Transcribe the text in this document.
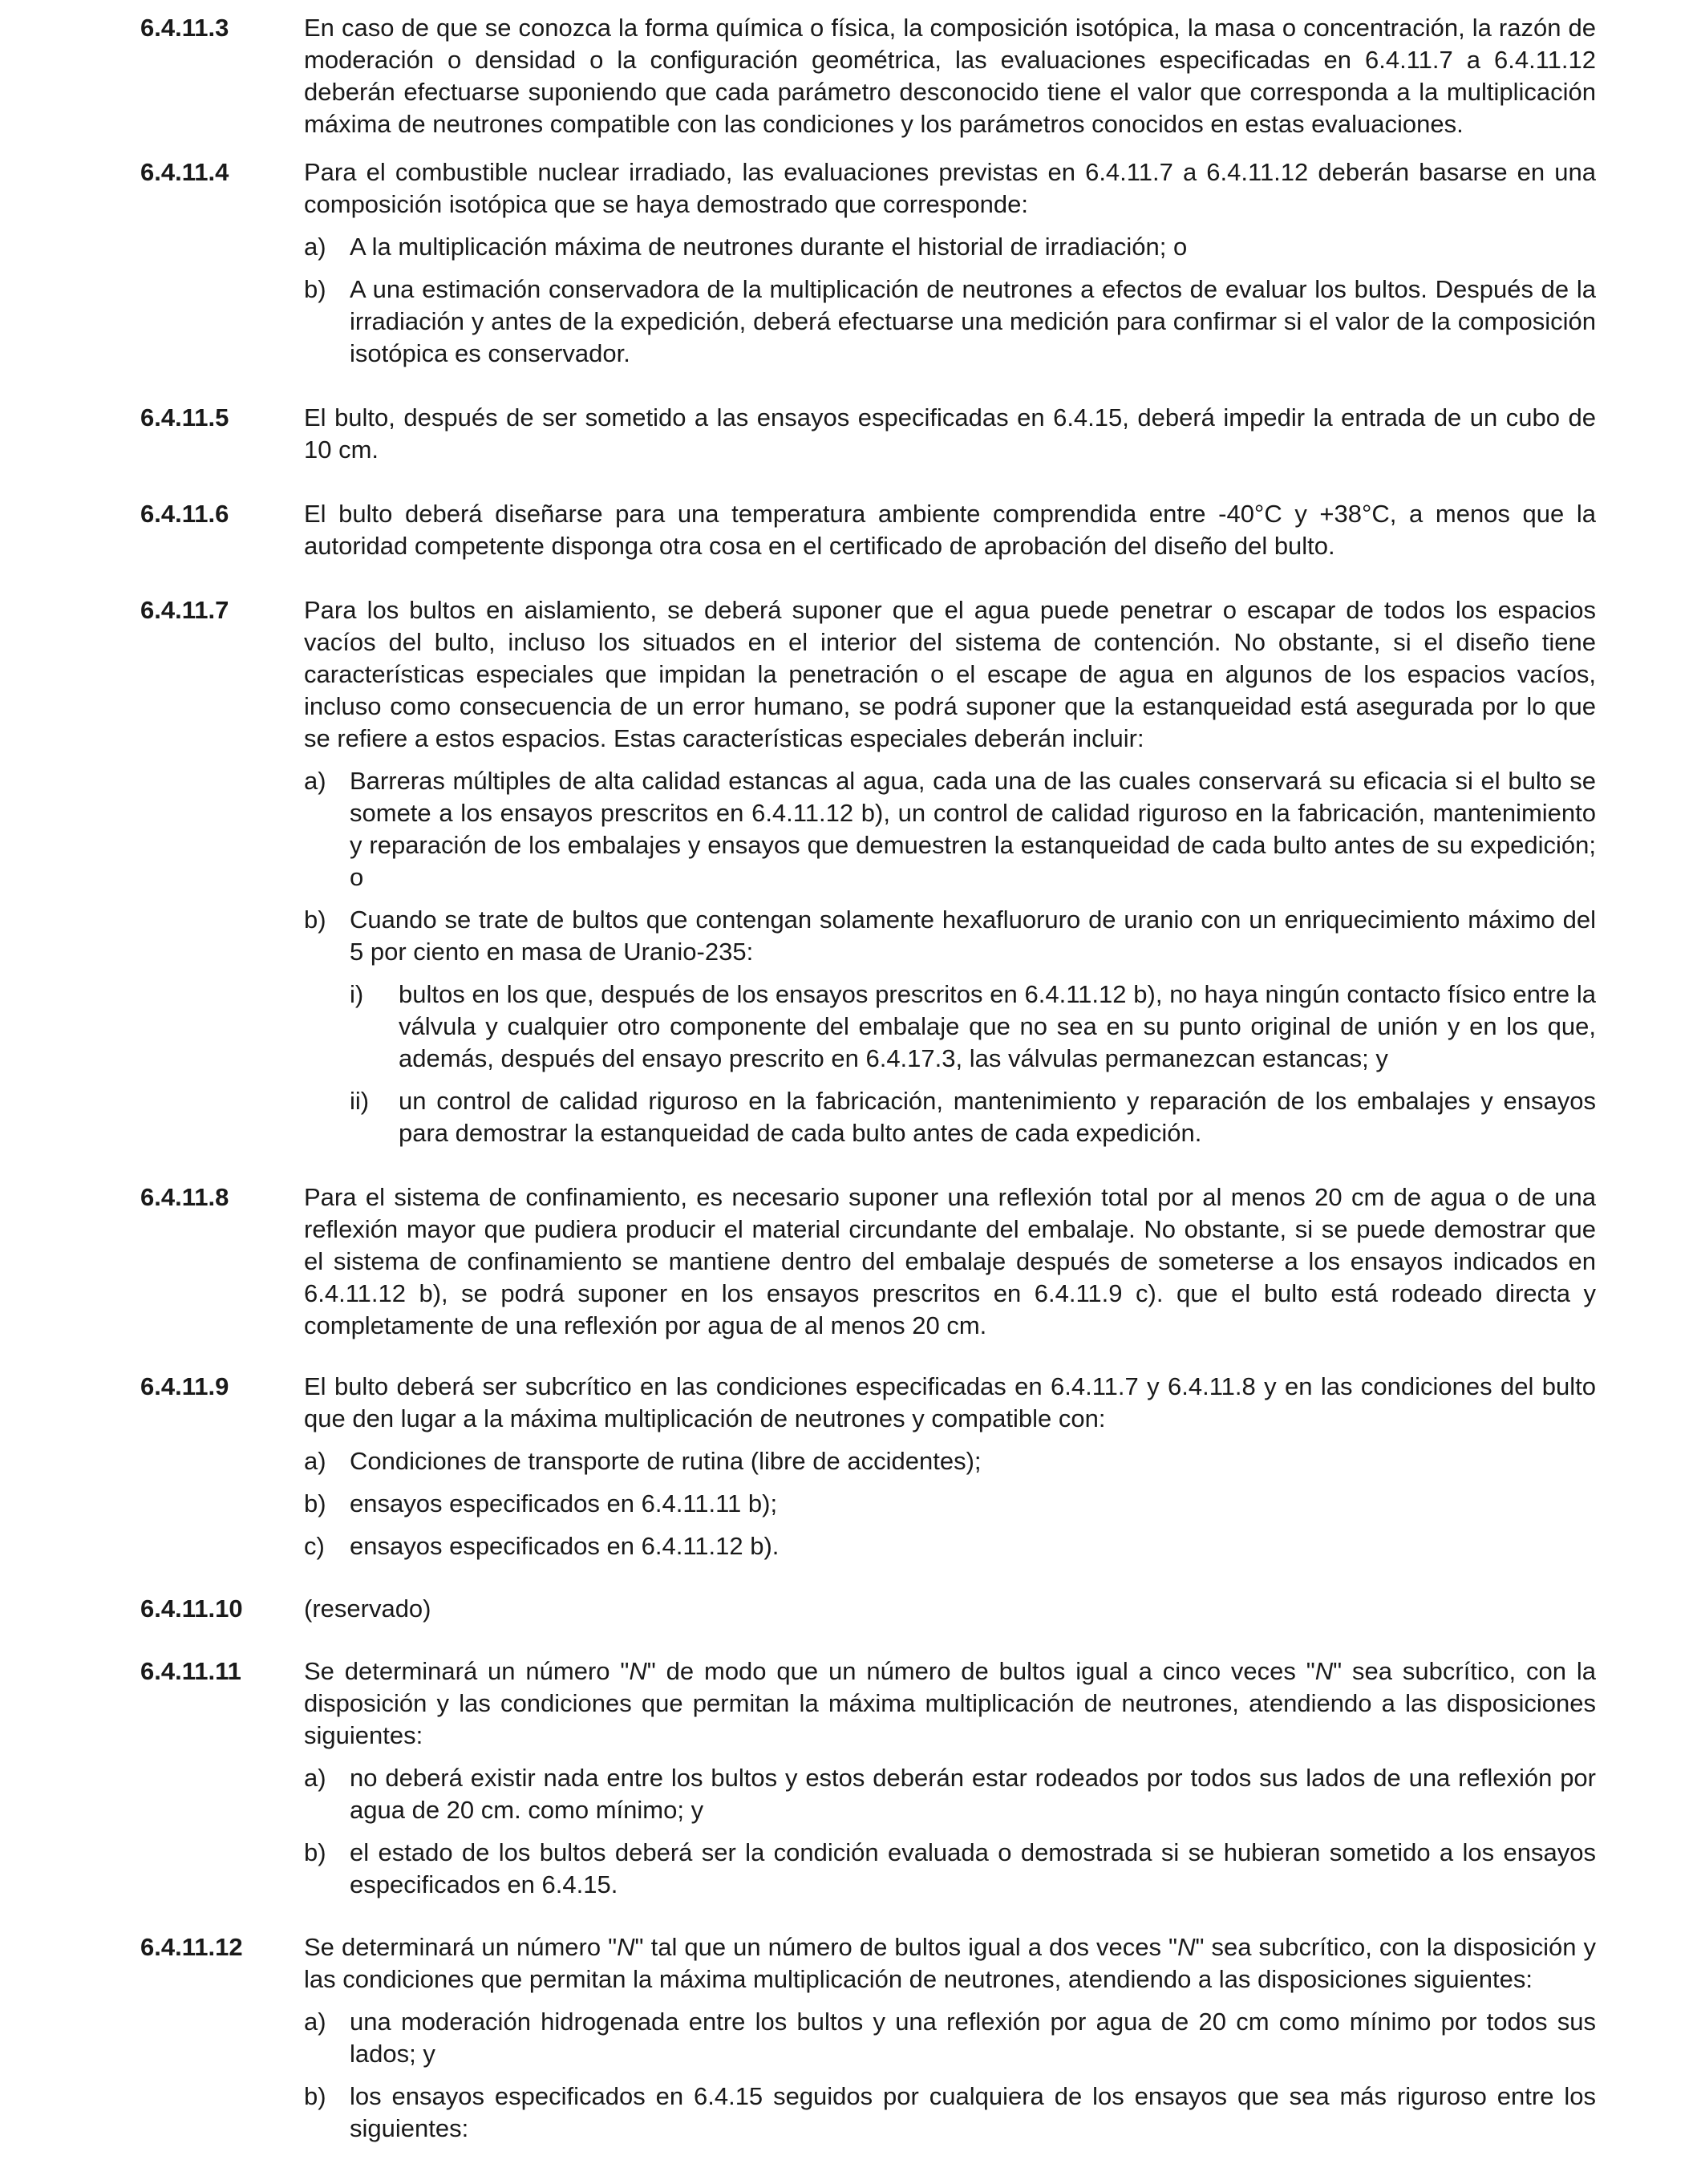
6.4.11.3	En caso de que se conozca la forma química o física, la composición isotópica, la masa o concentración, la razón de moderación o densidad o la configuración geométrica, las evaluaciones especificadas en 6.4.11.7 a 6.4.11.12 deberán efectuarse suponiendo que cada parámetro desconocido tiene el valor que corresponda a la multiplicación máxima de neutrones compatible con las condiciones y los parámetros conocidos en estas evaluaciones.

6.4.11.4	Para el combustible nuclear irradiado, las evaluaciones previstas en 6.4.11.7 a 6.4.11.12 deberán basarse en una composición isotópica que se haya demostrado que corresponde:

a) A la multiplicación máxima de neutrones durante el historial de irradiación; o
b) A una estimación conservadora de la multiplicación de neutrones a efectos de evaluar los bultos. Después de la irradiación y antes de la expedición, deberá efectuarse una medición para confirmar si el valor de la composición isotópica es conservador.
6.4.11.5	El bulto, después de ser sometido a las ensayos especificadas en 6.4.15, deberá impedir la entrada de un cubo de 10 cm.

6.4.11.6	El bulto deberá diseñarse para una temperatura ambiente comprendida entre -40°C y +38°C, a menos que la autoridad competente disponga otra cosa en el certificado de aprobación del diseño del bulto.

6.4.11.7	Para los bultos en aislamiento, se deberá suponer que el agua puede penetrar o escapar de todos los espacios vacíos del bulto, incluso los situados en el interior del sistema de contención. No obstante, si el diseño tiene características especiales que impidan la penetración o el escape de agua en algunos de los espacios vacíos, incluso como consecuencia de un error humano, se podrá suponer que la estanqueidad está asegurada por lo que se refiere a estos espacios. Estas características especiales deberán incluir:

a) Barreras múltiples de alta calidad estancas al agua, cada una de las cuales conservará su eficacia si el bulto se somete a los ensayos prescritos en 6.4.11.12 b), un control de calidad riguroso en la fabricación, mantenimiento y reparación de los embalajes y ensayos que demuestren la estanqueidad de cada bulto antes de su expedición; o
b) Cuando se trate de bultos que contengan solamente hexafluoruro de uranio con un enriquecimiento máximo del 5 por ciento en masa de Uranio-235:
i)	bultos en los que, después de los ensayos prescritos en 6.4.11.12 b), no haya ningún contacto físico entre la válvula y cualquier otro componente del embalaje que no sea en su punto original de unión y en los que, además, después del ensayo prescrito en 6.4.17.3, las válvulas permanezcan estancas; y
ii)	un control de calidad riguroso en la fabricación, mantenimiento y reparación de los embalajes y ensayos para demostrar la estanqueidad de cada bulto antes de cada expedición.
6.4.11.8	Para el sistema de confinamiento, es necesario suponer una reflexión total por al menos 20 cm de agua o de una reflexión mayor que pudiera producir el material circundante del embalaje. No obstante, si se puede demostrar que el sistema de confinamiento se mantiene dentro del embalaje después de someterse a los ensayos indicados en 6.4.11.12 b), se podrá suponer en los ensayos prescritos en 6.4.11.9 c). que el bulto está rodeado directa y completamente de una reflexión por agua de al menos 20 cm.

6.4.11.9	El bulto deberá ser subcrítico en las condiciones especificadas en 6.4.11.7 y 6.4.11.8 y en las condiciones del bulto que den lugar a la máxima multiplicación de neutrones y compatible con:

a) Condiciones de transporte de rutina (libre de accidentes);
b) ensayos especificados en 6.4.11.11 b);
c)	ensayos especificados en 6.4.11.12 b).
6.4.11.10	(reservado)

6.4.11.11	Se determinará un número "N" de modo que un número de bultos igual a cinco veces "N" sea subcrítico, con la disposición y las condiciones que permitan la máxima multiplicación de neutrones, atendiendo a las disposiciones siguientes:

a) no deberá existir nada entre los bultos y estos deberán estar rodeados por todos sus lados de una reflexión por agua de 20 cm. como mínimo; y
b) el estado de los bultos deberá ser la condición evaluada o demostrada si se hubieran sometido a los ensayos especificados en 6.4.15.
6.4.11.12	Se determinará un número "N" tal que un número de bultos igual a dos veces "N" sea subcrítico, con la disposición y las condiciones que permitan la máxima multiplicación de neutrones, atendiendo a las disposiciones siguientes:

a) una moderación hidrogenada entre los bultos y una reflexión por agua de 20 cm como mínimo por todos sus lados; y
b) los ensayos especificados en 6.4.15 seguidos por cualquiera de los ensayos que sea más riguroso entre los siguientes:
